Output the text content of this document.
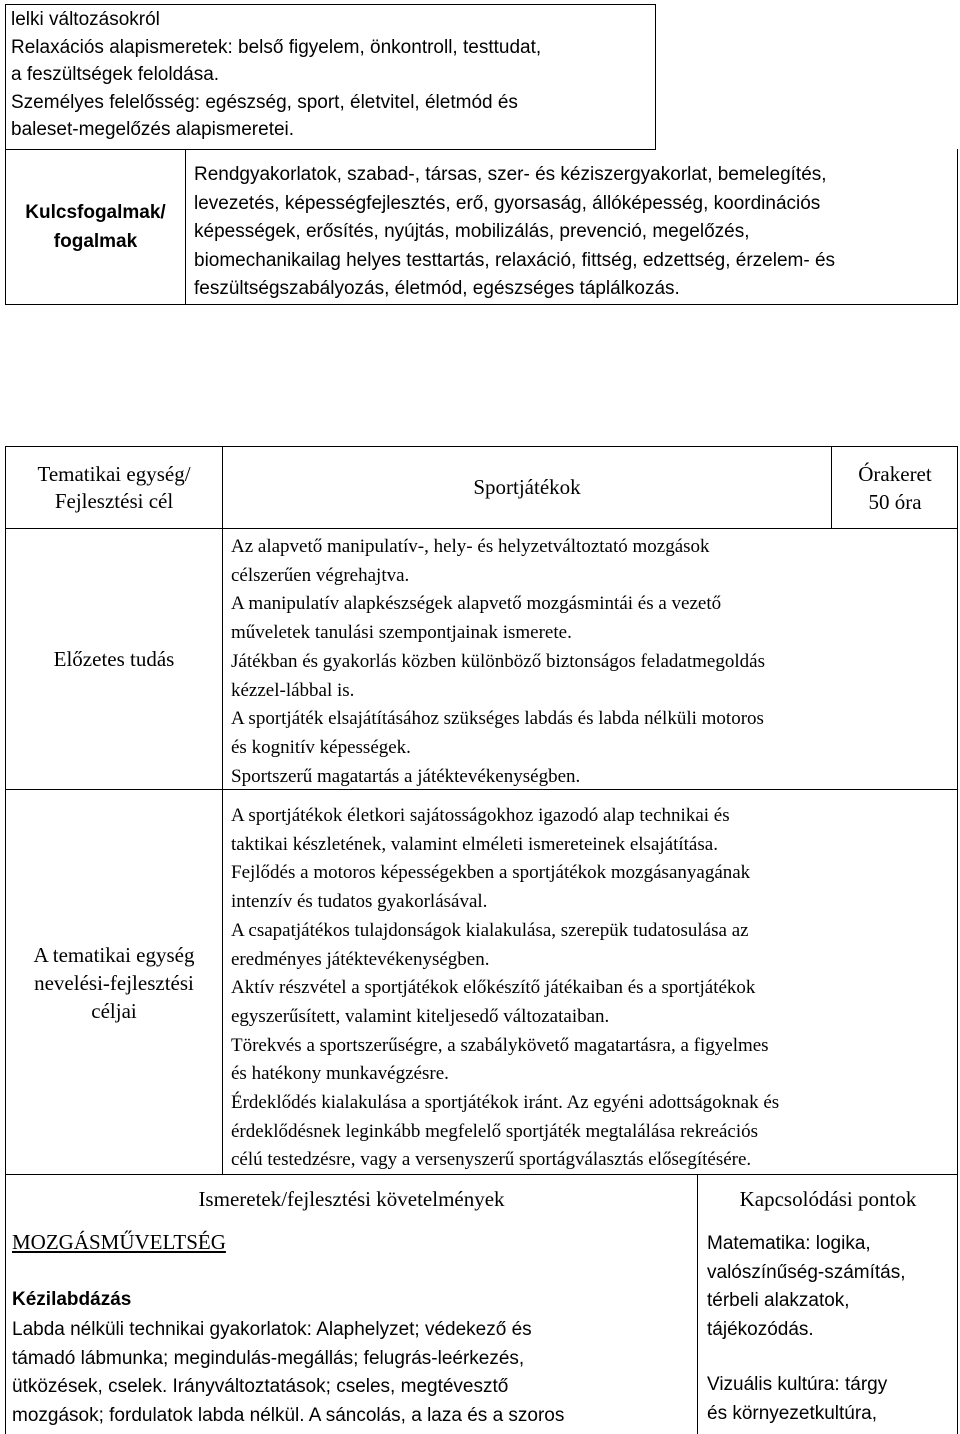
lelki változásokról
Relaxációs alapismeretek: belső figyelem, önkontroll, testtudat,
a feszültségek feloldása.
Személyes felelősség: egészség, sport, életvitel, életmód és
baleset-megelőzés alapismeretei.
Kulcsfogalmak/
fogalmak
Rendgyakorlatok, szabad-, társas, szer- és kéziszergyakorlat, bemelegítés,
levezetés, képességfejlesztés, erő, gyorsaság, állóképesség, koordinációs
képességek, erősítés, nyújtás, mobilizálás, prevenció, megelőzés,
biomechanikailag helyes testtartás, relaxáció, fittség, edzettség, érzelem- és
feszültségszabályozás, életmód, egészséges táplálkozás.
Tematikai egység/
Fejlesztési cél
Sportjátékok
Órakeret
50 óra
Előzetes tudás
Az alapvető manipulatív-, hely- és helyzetváltoztató mozgások
célszerűen végrehajtva.
A manipulatív alapkészségek alapvető mozgásmintái és a vezető
műveletek tanulási szempontjainak ismerete.
Játékban és gyakorlás közben különböző biztonságos feladatmegoldás
kézzel-lábbal is.
A sportjáték elsajátításához szükséges labdás és labda nélküli motoros
és kognitív képességek.
Sportszerű magatartás a játéktevékenységben.
A tematikai egység
nevelési-fejlesztési
céljai
A sportjátékok életkori sajátosságokhoz igazodó alap technikai és
taktikai készletének, valamint elméleti ismereteinek elsajátítása.
Fejlődés a motoros képességekben a sportjátékok mozgásanyagának
intenzív és tudatos gyakorlásával.
A csapatjátékos tulajdonságok kialakulása, szerepük tudatosulása az
eredményes játéktevékenységben.
Aktív részvétel a sportjátékok előkészítő játékaiban és a sportjátékok
egyszerűsített, valamint kiteljesedő változataiban.
Törekvés a sportszerűségre, a szabálykövető magatartásra, a figyelmes
és hatékony munkavégzésre.
Érdeklődés kialakulása a sportjátékok iránt. Az egyéni adottságoknak és
érdeklődésnek leginkább megfelelő sportjáték megtalálása rekreációs
célú testedzésre, vagy a versenyszerű sportágválasztás elősegítésére.
Ismeretek/fejlesztési követelmények	Kapcsolódási pontok
MOZGÁSMŰVELTSÉG
Kézilabdázás
Labda nélküli technikai gyakorlatok: Alaphelyzet; védekező és
támadó lábmunka; megindulás-megállás; felugrás-leérkezés,
ütközések, cselek. Irányváltoztatások; cseles, megtévesztő
mozgások; fordulatok labda nélkül. A sáncolás, a laza és a szoros
Matematika: logika,
valószínűség-számítás,
térbeli alakzatok,
tájékozódás.
Vizuális kultúra: tárgy
és környezetkultúra,
